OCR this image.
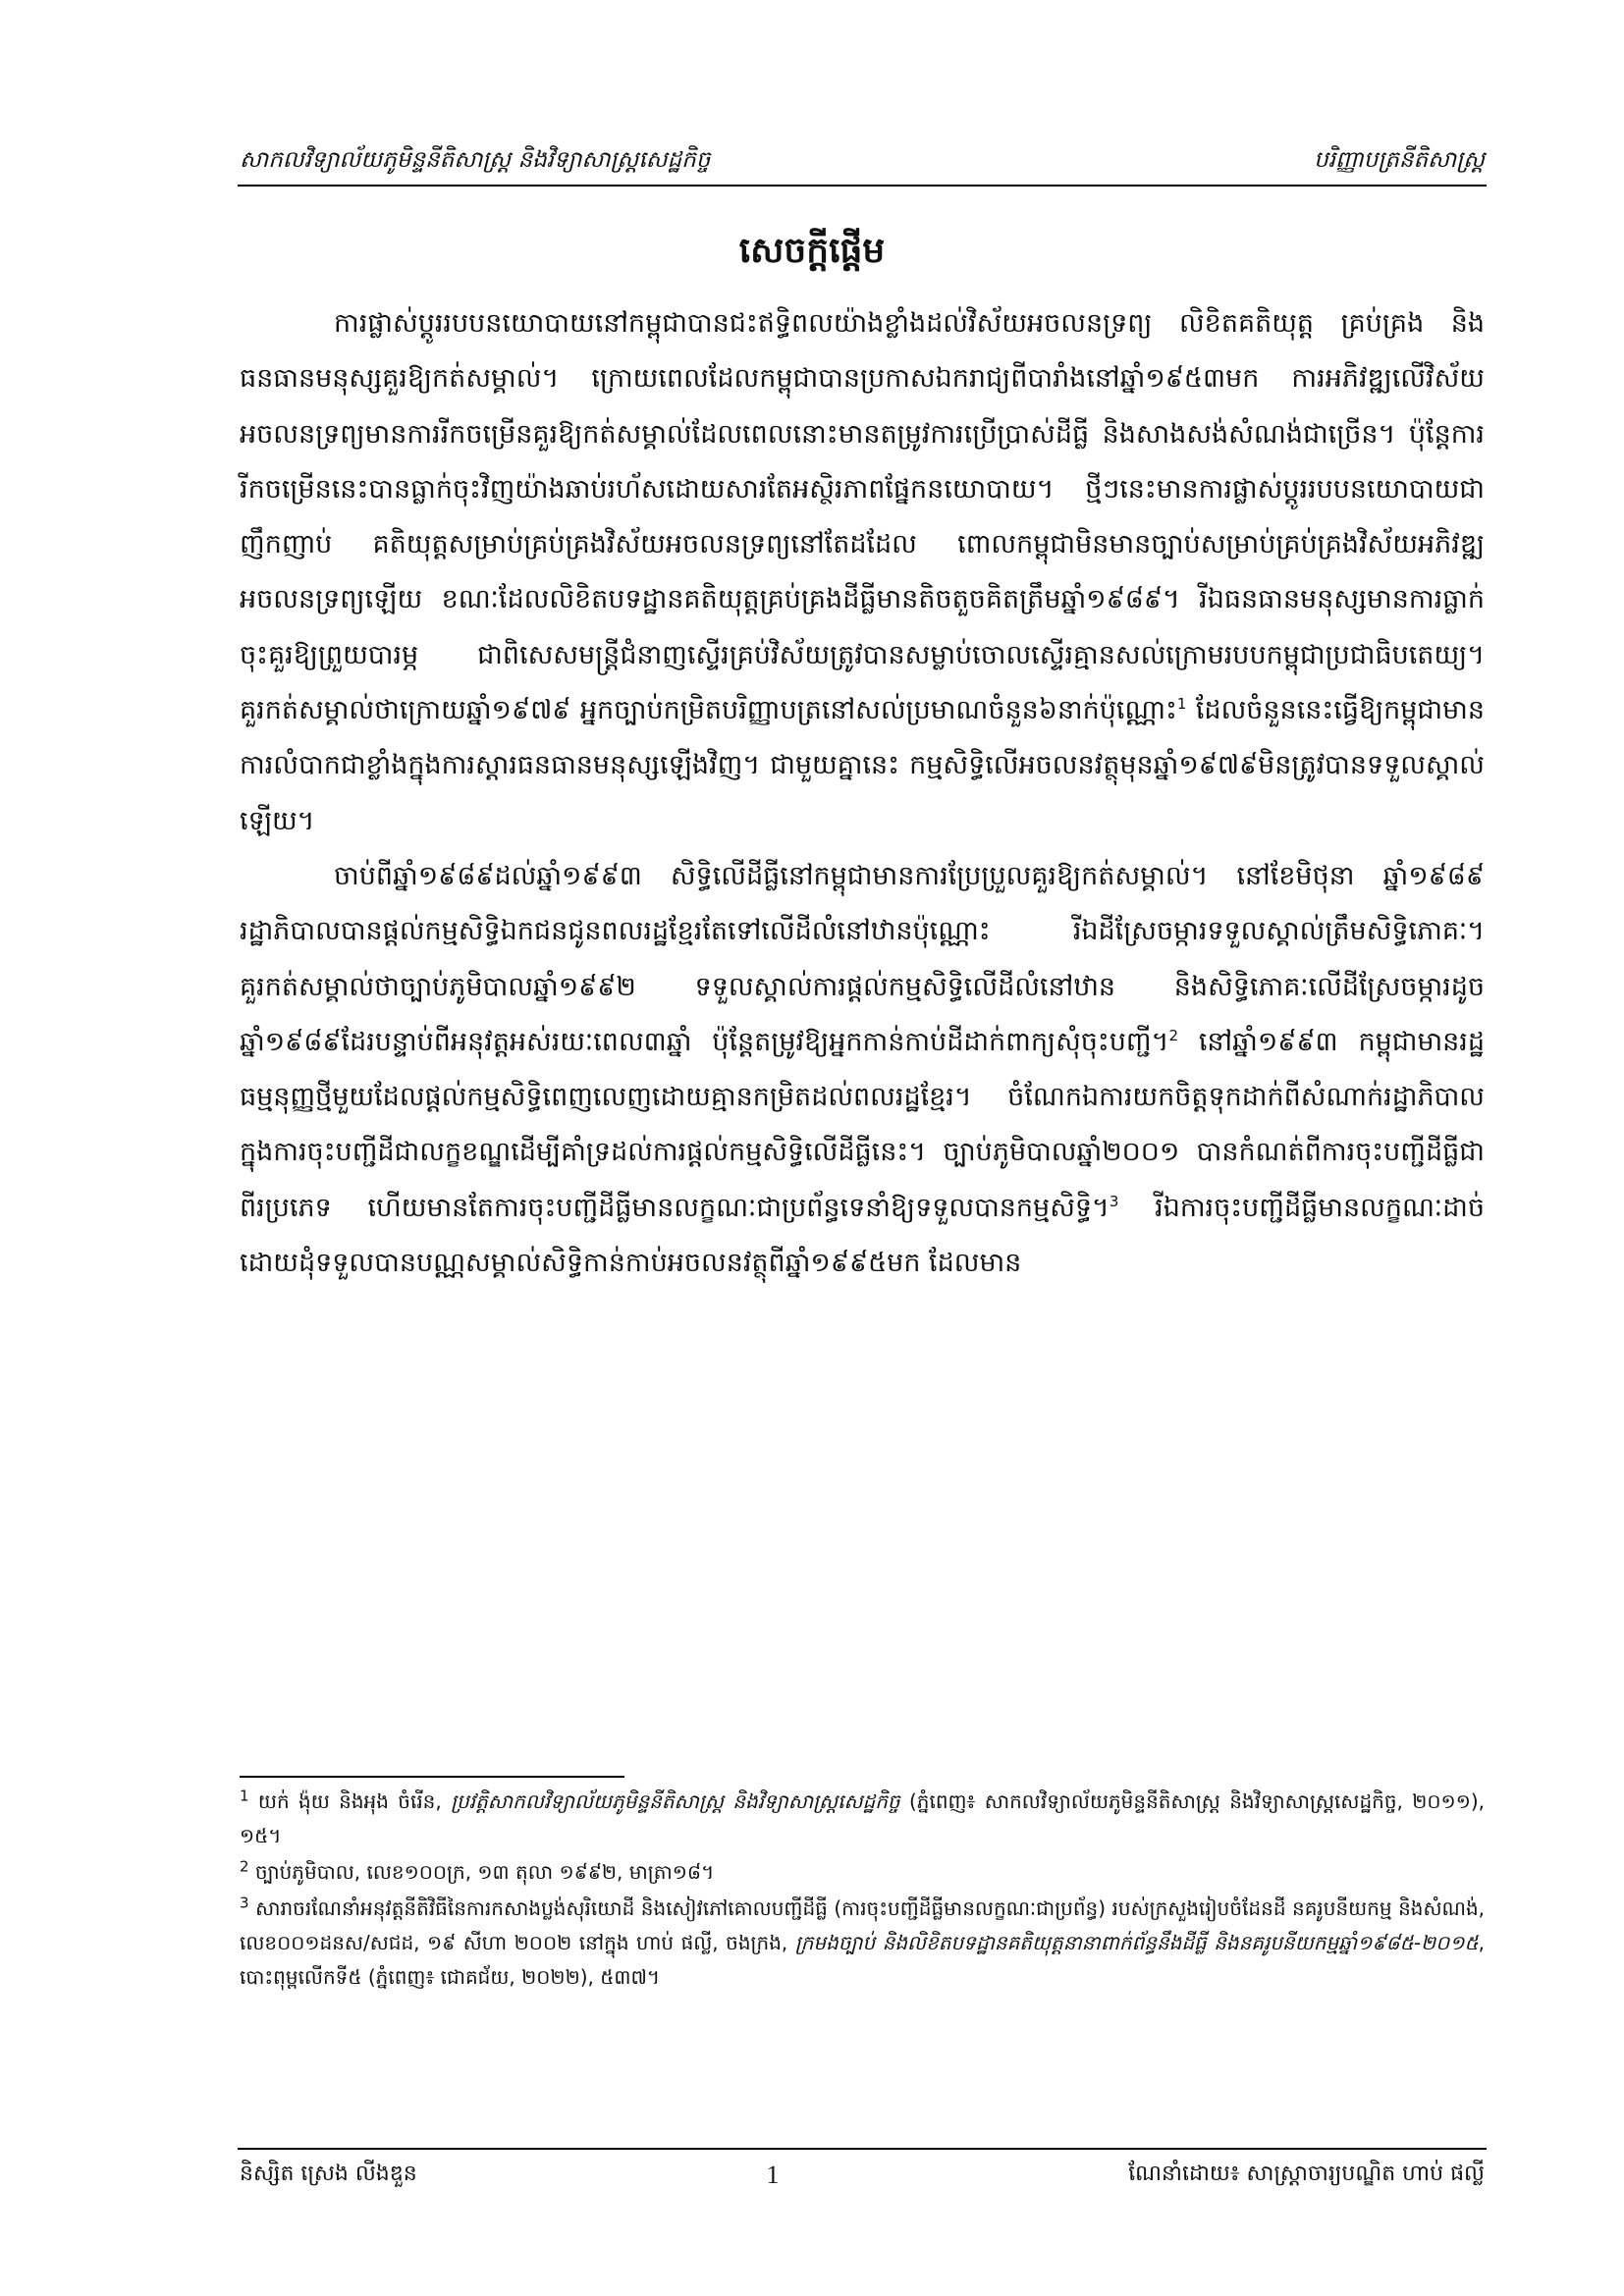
សាកលវិទ្យាល័យភូមិន្ទនីតិសាស្ត្រ និងវិទ្យាសាស្ត្រសេដ្ឋកិច្ច	បរិញ្ញាបត្រនីតិសាស្ត្រ
សេចក្តីផ្តើម

ការផ្លាស់ប្តូររបបនយោបាយនៅកម្ពុជាបានជះឥទ្ធិពលយ៉ាងខ្លាំងដល់វិស័យអចលនទ្រព្យ លិខិតគតិយុត្ត គ្រប់គ្រង និងធនធានមនុស្សគួរឱ្យកត់សម្គាល់។ ក្រោយពេលដែលកម្ពុជាបានប្រកាសឯករាជ្យពីបារាំងនៅឆ្នាំ១៩៥៣មក ការអភិវឌ្ឍលើវិស័យអចលនទ្រព្យមានការរីកចម្រើនគួរឱ្យកត់សម្គាល់ដែលពេលនោះមានតម្រូវការប្រើប្រាស់ដីធ្លី និងសាងសង់សំណង់ជាច្រើន។ ប៉ុន្តែការរីកចម្រើននេះបានធ្លាក់ចុះវិញយ៉ាងឆាប់រហ័សដោយសារតែអស្ថិរភាពផ្នែកនយោបាយ។ ថ្មីៗនេះមានការផ្លាស់ប្តូររបបនយោបាយជាញឹកញាប់ គតិយុត្តសម្រាប់គ្រប់គ្រងវិស័យអចលនទ្រព្យនៅតែដដែល ពោលកម្ពុជាមិនមានច្បាប់សម្រាប់គ្រប់គ្រងវិស័យអភិវឌ្ឍអចលនទ្រព្យឡើយ ខណៈដែលលិខិតបទដ្ឋានគតិយុត្តគ្រប់គ្រងដីធ្លីមានតិចតួចគិតត្រឹមឆ្នាំ១៩៨៩។ រីឯធនធានមនុស្សមានការធ្លាក់ចុះគួរឱ្យព្រួយបារម្ភ ជាពិសេសមន្ត្រីជំនាញស្ទើរគ្រប់វិស័យត្រូវបានសម្លាប់ចោលស្ទើរគ្មានសល់ក្រោមរបបកម្ពុជាប្រជាធិបតេយ្យ។ គួរកត់សម្គាល់ថាក្រោយឆ្នាំ១៩៧៩ អ្នកច្បាប់កម្រិតបរិញ្ញាបត្រនៅសល់ប្រមាណចំនួន៦នាក់ប៉ុណ្ណោះ$^1$ ដែលចំនួននេះធ្វើឱ្យកម្ពុជាមានការលំបាកជាខ្លាំងក្នុងការស្តារធនធានមនុស្សឡើងវិញ។ ជាមួយគ្នានេះ កម្មសិទ្ធិលើអចលនវត្ថុមុនឆ្នាំ១៩៧៩មិនត្រូវបានទទួលស្គាល់ឡើយ។

ចាប់ពីឆ្នាំ១៩៨៩ដល់ឆ្នាំ១៩៩៣ សិទ្ធិលើដីធ្លីនៅកម្ពុជាមានការប្រែប្រួលគួរឱ្យកត់សម្គាល់។ នៅខែមិថុនា ឆ្នាំ១៩៨៩ រដ្ឋាភិបាលបានផ្តល់កម្មសិទ្ធិឯកជនជូនពលរដ្ឋខ្មែរតែទៅលើដីលំនៅឋានប៉ុណ្ណោះ រីឯដីស្រែចម្ការទទួលស្គាល់ត្រឹមសិទ្ធិភោគៈ។ គួរកត់សម្គាល់ថាច្បាប់ភូមិបាលឆ្នាំ១៩៩២ ទទួលស្គាល់ការផ្តល់កម្មសិទ្ធិលើដីលំនៅឋាន និងសិទ្ធិភោគៈលើដីស្រែចម្ការដូចឆ្នាំ១៩៨៩ដែរបន្ទាប់ពីអនុវត្តអស់រយៈពេល៣ឆ្នាំ ប៉ុន្តែតម្រូវឱ្យអ្នកកាន់កាប់ដីដាក់ពាក្យសុំចុះបញ្ជី។$^2$ នៅឆ្នាំ១៩៩៣ កម្ពុជាមានរដ្ឋធម្មនុញ្ញថ្មីមួយដែលផ្តល់កម្មសិទ្ធិពេញលេញដោយគ្មានកម្រិតដល់ពលរដ្ឋខ្មែរ។ ចំណែកឯការយកចិត្តទុកដាក់ពីសំណាក់រដ្ឋាភិបាលក្នុងការចុះបញ្ជីដីជាលក្ខខណ្ឌដើម្បីគាំទ្រដល់ការផ្តល់កម្មសិទ្ធិលើដីធ្លីនេះ។ ច្បាប់ភូមិបាលឆ្នាំ២០០១ បានកំណត់ពីការចុះបញ្ជីដីធ្លីជាពីរប្រភេទ ហើយមានតែការចុះបញ្ជីដីធ្លីមានលក្ខណៈជាប្រព័ន្ធទេនាំឱ្យទទួលបានកម្មសិទ្ធិ។$^3$ រីឯការចុះបញ្ជីដីធ្លីមានលក្ខណៈដាច់ដោយដុំទទួលបានបណ្ណសម្គាល់សិទ្ធិកាន់កាប់អចលនវត្ថុពីឆ្នាំ១៩៩៥មក ដែលមាន

$^1$ យក់ ង៉ុយ និងអុង ចំរើន, ប្រវត្តិសាកលវិទ្យាល័យភូមិន្ទនីតិសាស្ត្រ និងវិទ្យាសាស្ត្រសេដ្ឋកិច្ច (ភ្នំពេញ៖ សាកលវិទ្យាល័យភូមិន្ទនីតិសាស្ត្រ និងវិទ្យាសាស្ត្រសេដ្ឋកិច្ច, ២០១១), ១៥។

$^2$ ច្បាប់ភូមិបាល, លេខ១០០ក្រ, ១៣ តុលា ១៩៩២, មាត្រា១៨។

$^3$ សារាចរណែនាំអនុវត្តនីតិវិធីនៃការកសាងប្លង់សុរិយោដី និងសៀវភៅគោលបញ្ជីដីធ្លី (ការចុះបញ្ជីដីធ្លីមានលក្ខណៈជាប្រព័ន្ធ) របស់ក្រសួងរៀបចំដែនដី នគរូបនីយកម្ម និងសំណង់, លេខ០០១ដនស/សជដ, ១៩ សីហា ២០០២ នៅក្នុង ហាប់ ផល្លី, ចងក្រង, ក្រមងច្បាប់ និងលិខិតបទដ្ឋានគតិយុត្តនានាពាក់ព័ន្ធនឹងដីធ្លី និងនគរូបនីយកម្មឆ្នាំ១៩៨៥-២០១៥, បោះពុម្ពលើកទី៥ (ភ្នំពេញ៖ ជោគជ័យ, ២០២២), ៥៣៧។

និស្សិត ស្រេង លីងឌួន	1	ណែនាំដោយ៖ សាស្ត្រាចារ្យបណ្ឌិត ហាប់ ផល្លី
